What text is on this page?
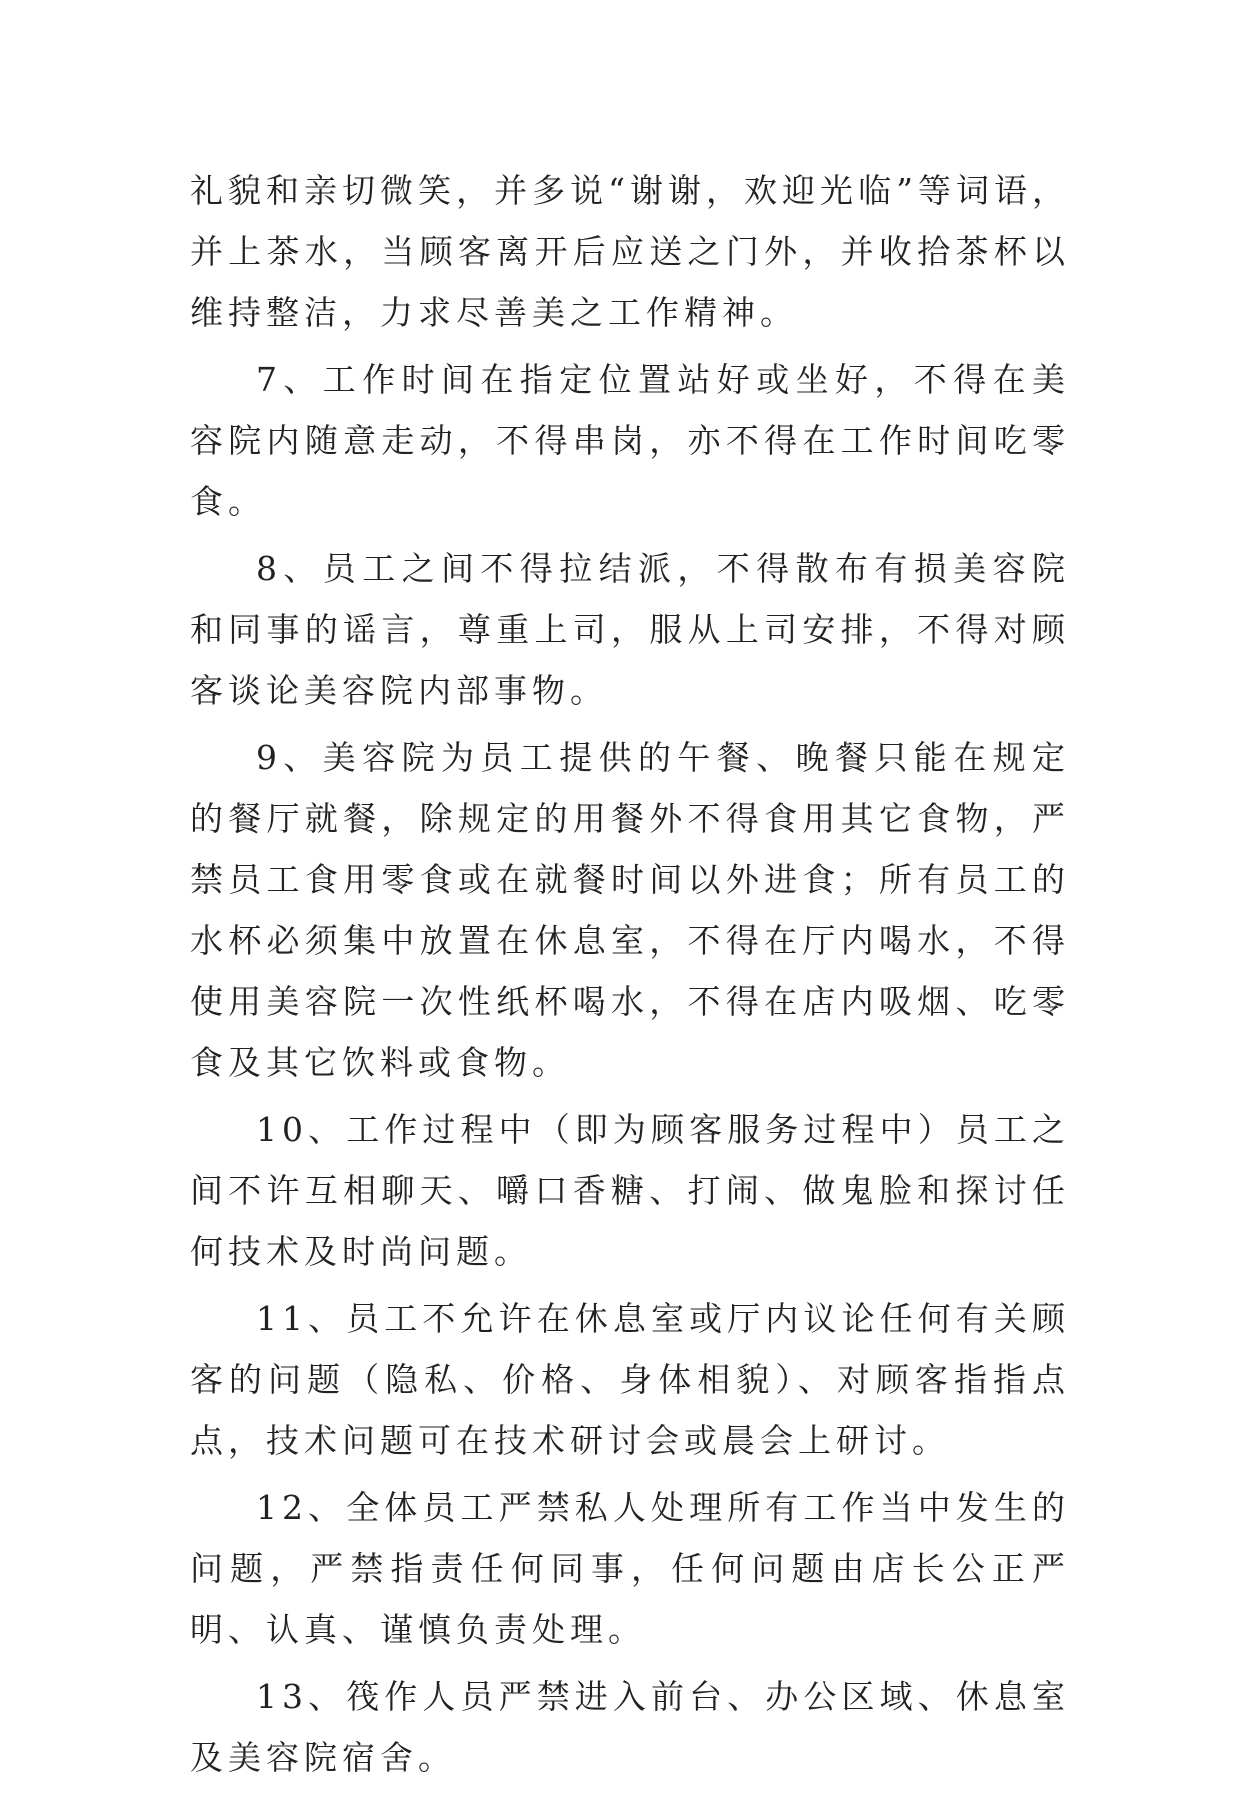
礼貌和亲切微笑，并多说“谢谢，欢迎光临”等词语，并上茶水，当顾客离开后应送之门外，并收拾茶杯以维持整洁，力求尽善美之工作精神。

7、工作时间在指定位置站好或坐好，不得在美容院内随意走动，不得串岗，亦不得在工作时间吃零食。

8、员工之间不得拉结派，不得散布有损美容院和同事的谣言，尊重上司，服从上司安排，不得对顾客谈论美容院内部事物。

9、美容院为员工提供的午餐、晚餐只能在规定的餐厅就餐，除规定的用餐外不得食用其它食物，严禁员工食用零食或在就餐时间以外进食；所有员工的水杯必须集中放置在休息室，不得在厅内喝水，不得使用美容院一次性纸杯喝水，不得在店内吸烟、吃零食及其它饮料或食物。

10、工作过程中（即为顾客服务过程中）员工之间不许互相聊天、嚼口香糖、打闹、做鬼脸和探讨任何技术及时尚问题。

11、员工不允许在休息室或厅内议论任何有关顾客的问题（隐私、价格、身体相貌）、对顾客指指点点，技术问题可在技术研讨会或晨会上研讨。

12、全体员工严禁私人处理所有工作当中发生的问题，严禁指责任何同事，任何问题由店长公正严明、认真、谨慎负责处理。

13、筏作人员严禁进入前台、办公区域、休息室及美容院宿舍。
